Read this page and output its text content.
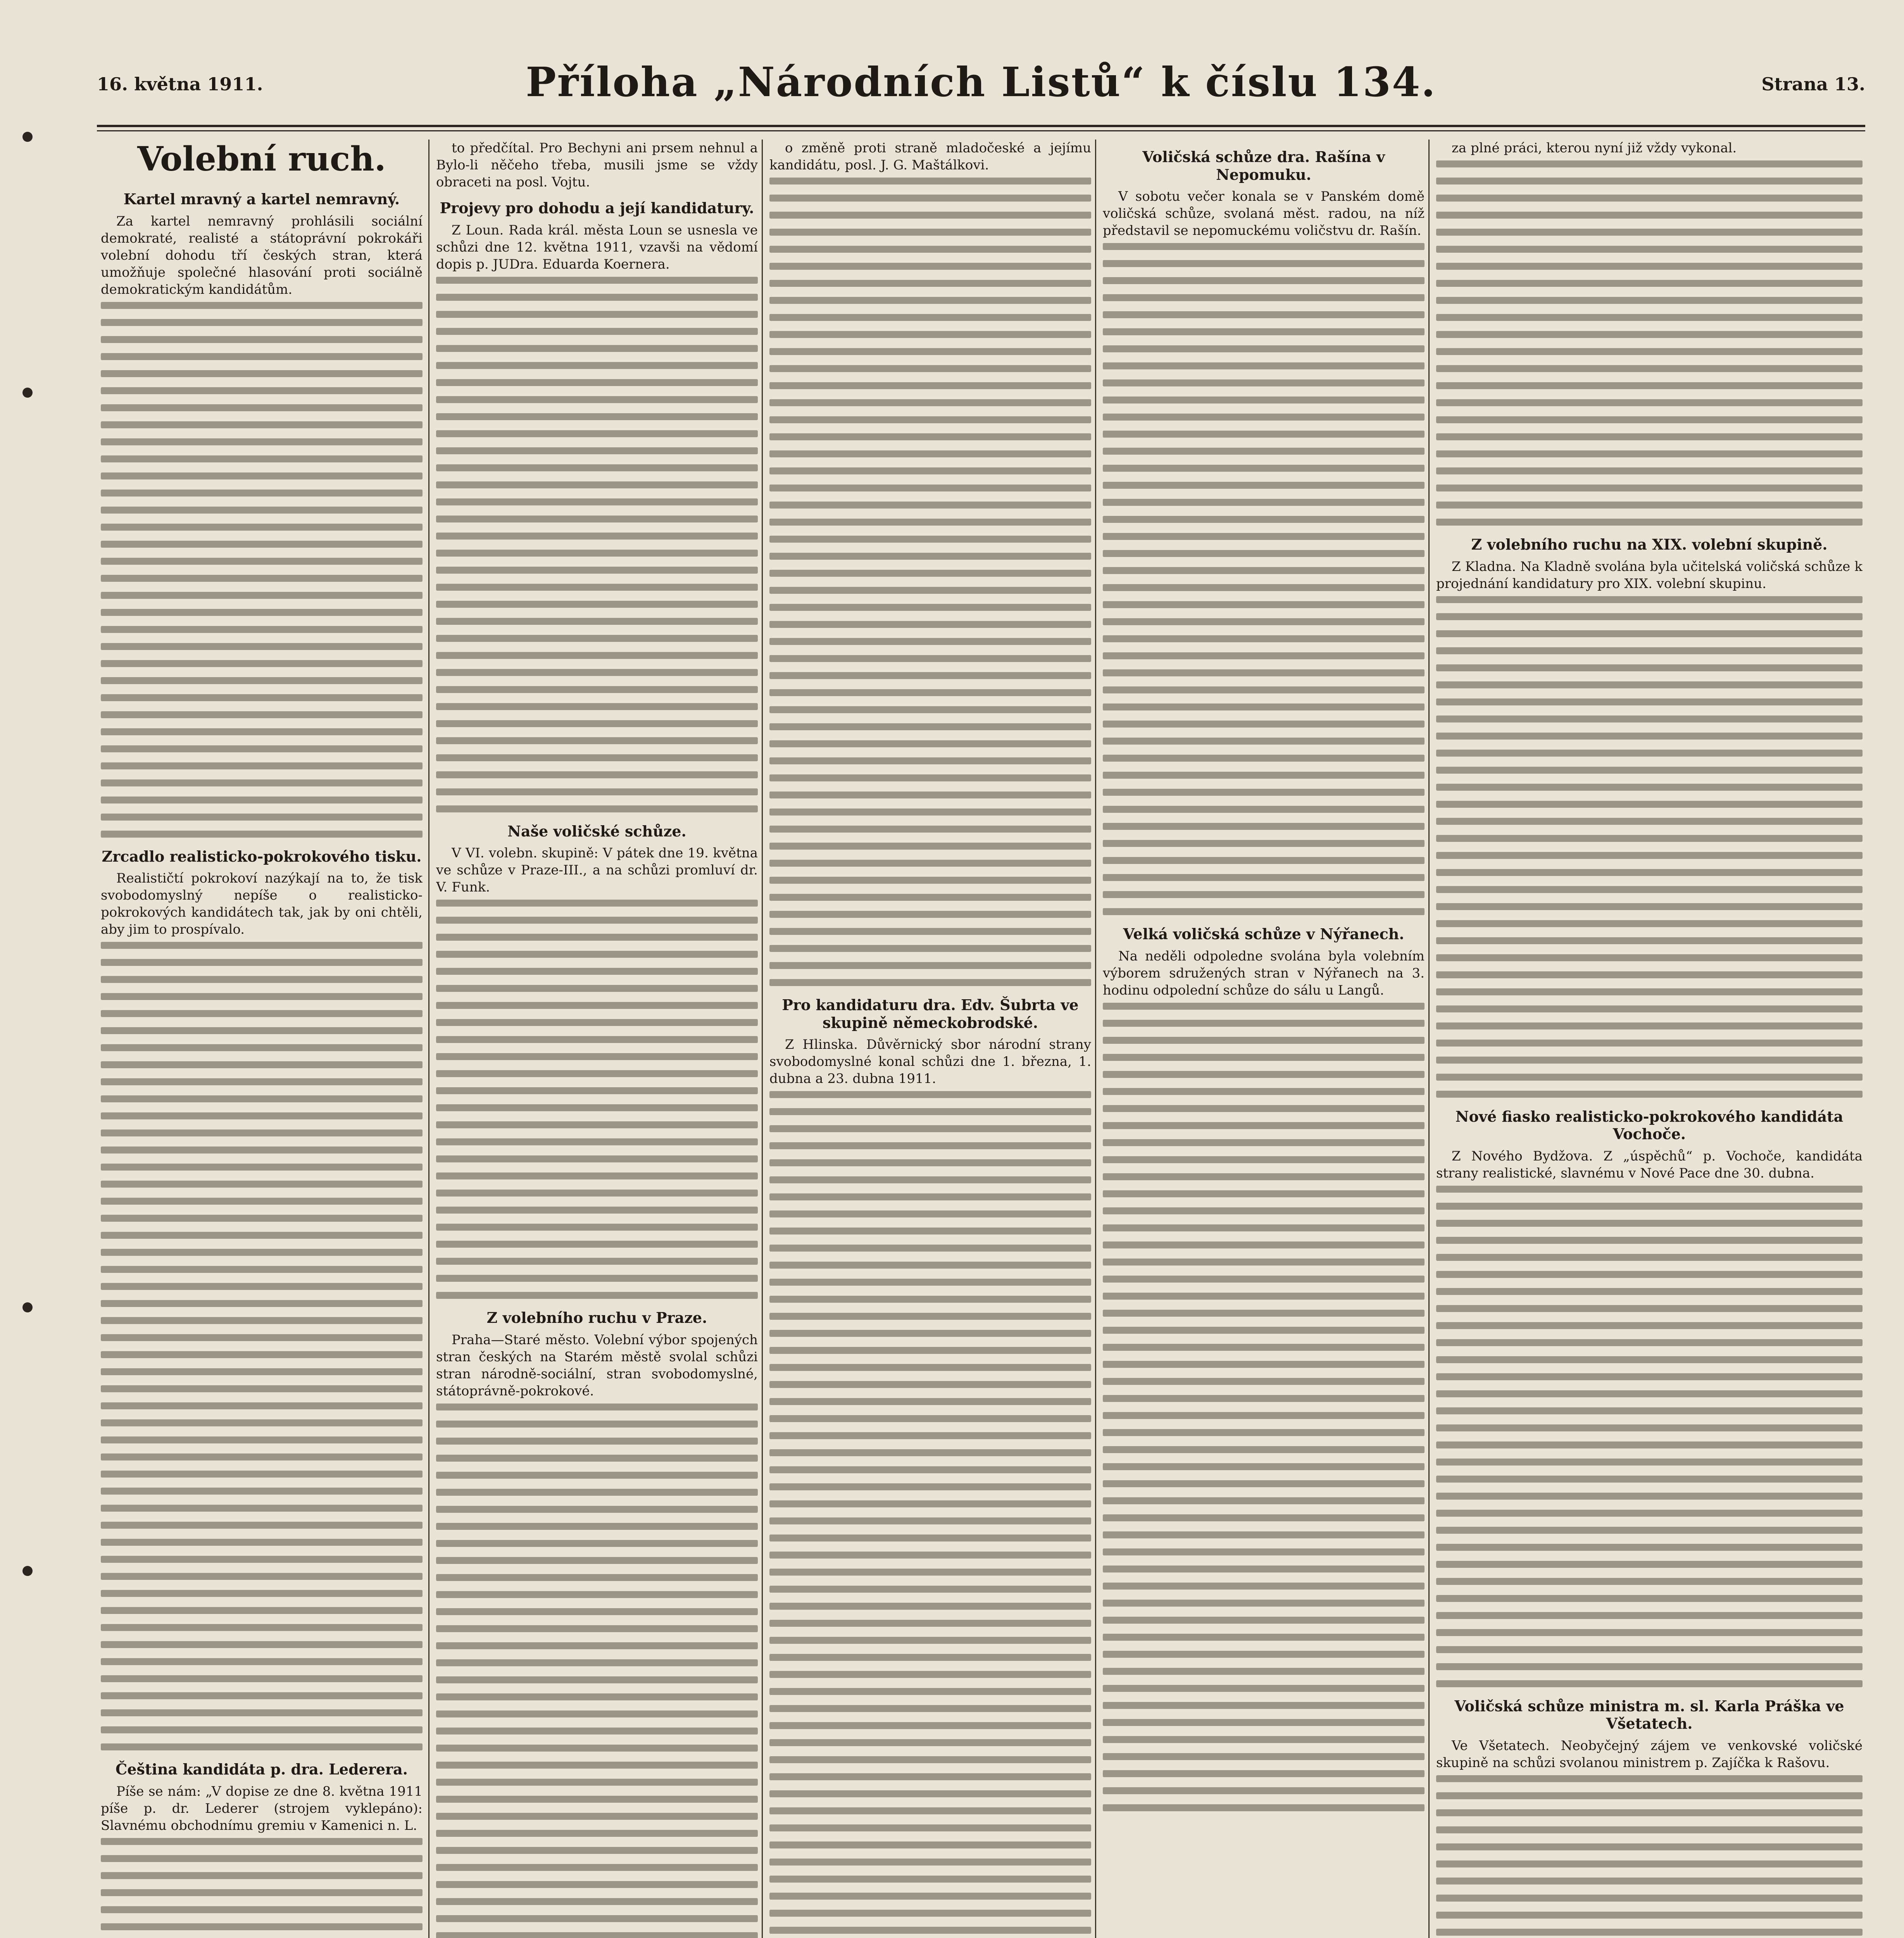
16. května 1911.	Příloha „Národních Listů“ k číslu 134.	Strana 13.
Volební ruch.
Kartel mravný a kartel nemravný.

Za kartel nemravný prohlásili sociální demokraté, realisté a státoprávní pokrokáři volební dohodu tří českých stran, která umožňuje společné hlasování proti sociálně demokratickým kandidátům.

Zrcadlo realisticko-pokrokového tisku.

Realističtí pokrokoví nazýkají na to, že tisk svobodomyslný nepíše o realisticko-pokrokových kandidátech tak, jak by oni chtěli, aby jim to prospívalo.

Čeština kandidáta p. dra. Lederera.

Píše se nám: „V dopise ze dne 8. května 1911 píše p. dr. Lederer (strojem vyklepáno): Slavnému obchodnímu gremiu v Kamenici n. L.

to předčítal. Pro Bechyni ani prsem nehnul a Bylo-li něčeho třeba, musili jsme se vždy obraceti na posl. Vojtu.

Projevy pro dohodu a její kandidatury.

Z Loun. Rada král. města Loun se usnesla ve schůzi dne 12. května 1911, vzavši na vědomí dopis p. JUDra. Eduarda Koernera.

Naše voličské schůze.

V VI. volebn. skupině: V pátek dne 19. května ve schůze v Praze-III., a na schůzi promluví dr. V. Funk.

Z volebního ruchu v Praze.

Praha—Staré město. Volební výbor spojených stran českých na Starém městě svolal schůzi stran národně-sociální, stran svobodomyslné, státoprávně-pokrokové.

o změně proti straně mladočeské a jejímu kandidátu, posl. J. G. Maštálkovi.

Pro kandidaturu dra. Edv. Šubrta ve skupině německobrodské.

Z Hlinska. Důvěrnický sbor národní strany svobodomyslné konal schůzi dne 1. března, 1. dubna a 23. dubna 1911.

Voličská schůze dra. Rašína v Nepomuku.

V sobotu večer konala se v Panském domě voličská schůze, svolaná měst. radou, na níž představil se nepomuckému voličstvu dr. Rašín.

Velká voličská schůze v Nýřanech.

Na neděli odpoledne svolána byla volebním výborem sdružených stran v Nýřanech na 3. hodinu odpolední schůze do sálu u Langů.

za plné práci, kterou nyní již vždy vykonal.

Z volebního ruchu na XIX. volební skupině.

Z Kladna. Na Kladně svolána byla učitelská voličská schůze k projednání kandidatury pro XIX. volební skupinu.

Nové fiasko realisticko-pokrokového kandidáta Vochoče.

Z Nového Bydžova. Z „úspěchů“ p. Vochoče, kandidáta strany realistické, slavnému v Nové Pace dne 30. dubna.

Voličská schůze ministra m. sl. Karla Práška ve Všetatech.

Ve Všetatech. Neobyčejný zájem ve venkovské voličské skupině na schůzi svolanou ministrem p. Zajíčka k Rašovu.
